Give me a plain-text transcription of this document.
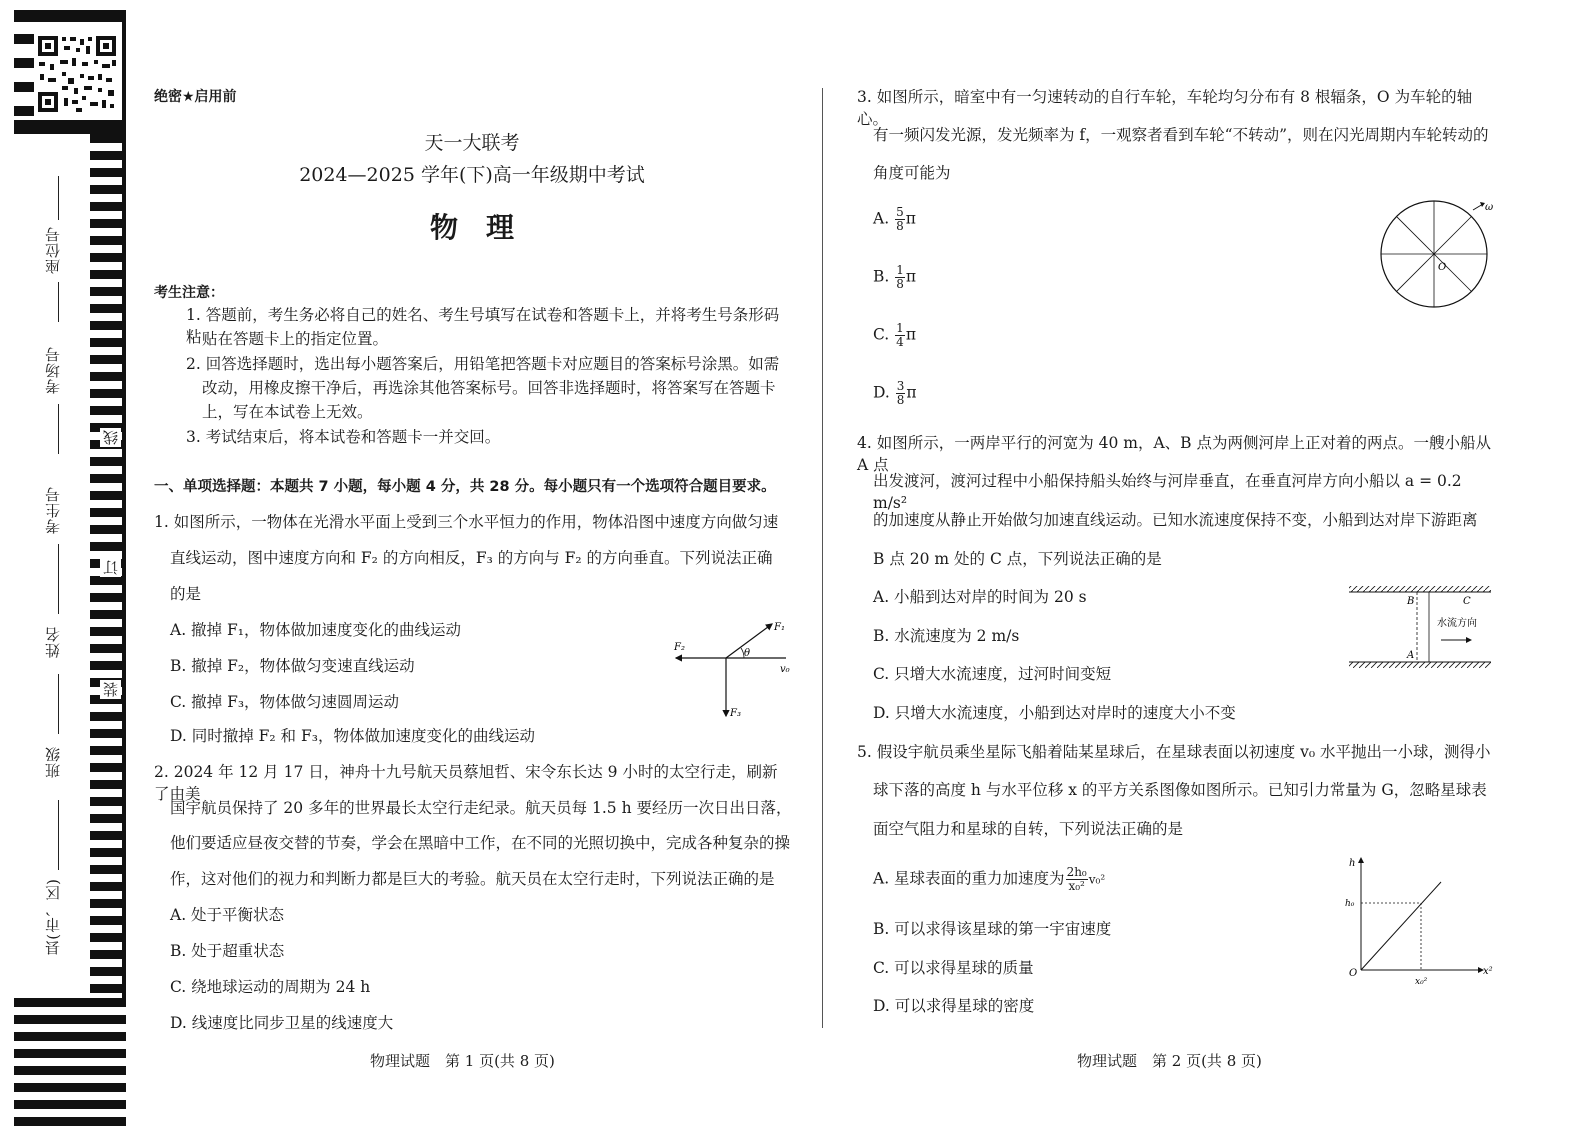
座位号
考场号
考生号
姓名
班级
县(市、区)
线
订
装
绝密★启用前
天一大联考
2024—2025 学年(下)高一年级期中考试
物　理
考生注意：
1. 答题前，考生务必将自己的姓名、考生号填写在试卷和答题卡上，并将考生号条形码粘 贴在答题卡上的指定位置。
2. 回答选择题时，选出每小题答案后，用铅笔把答题卡对应题目的答案标号涂黑。如需
改动，用橡皮擦干净后，再选涂其他答案标号。回答非选择题时，将答案写在答题卡
上，写在本试卷上无效。
3. 考试结束后，将本试卷和答题卡一并交回。
一、单项选择题：本题共 7 小题，每小题 4 分，共 28 分。每小题只有一个选项符合题目要求。
1. 如图所示，一物体在光滑水平面上受到三个水平恒力的作用，物体沿图中速度方向做匀速
直线运动，图中速度方向和 F₂ 的方向相反，F₃ 的方向与 F₂ 的方向垂直。下列说法正确
的是
A. 撤掉 F₁，物体做加速度变化的曲线运动
B. 撤掉 F₂，物体做匀变速直线运动
C. 撤掉 F₃，物体做匀速圆周运动
D. 同时撤掉 F₂ 和 F₃，物体做加速度变化的曲线运动
F₂
F₁
F₃
v₀
θ
2. 2024 年 12 月 17 日，神舟十九号航天员蔡旭哲、宋令东长达 9 小时的太空行走，刷新了由美
国宇航员保持了 20 多年的世界最长太空行走纪录。航天员每 1.5 h 要经历一次日出日落，
他们要适应昼夜交替的节奏，学会在黑暗中工作，在不同的光照切换中，完成各种复杂的操
作，这对他们的视力和判断力都是巨大的考验。航天员在太空行走时，下列说法正确的是
A. 处于平衡状态
B. 处于超重状态
C. 绕地球运动的周期为 24 h
D. 线速度比同步卫星的线速度大
物理试题　第 1 页(共 8 页)
3. 如图所示，暗室中有一匀速转动的自行车轮，车轮均匀分布有 8 根辐条，O 为车轮的轴心。
有一频闪发光源，发光频率为 f，一观察者看到车轮“不转动”，则在闪光周期内车轮转动的
角度可能为
A. $\frac{5}{8}$ π
B. $\frac{1}{8}$ π
C. $\frac{1}{4}$ π
D. $\frac{3}{8}$ π
O
ω
4. 如图所示，一两岸平行的河宽为 40 m，A、B 点为两侧河岸上正对着的两点。一艘小船从 A 点
出发渡河，渡河过程中小船保持船头始终与河岸垂直，在垂直河岸方向小船以 a = 0.2 m/s²
的加速度从静止开始做匀加速直线运动。已知水流速度保持不变，小船到达对岸下游距离
B 点 20 m 处的 C 点，下列说法正确的是
A. 小船到达对岸的时间为 20 s
B. 水流速度为 2 m/s
C. 只增大水流速度，过河时间变短
D. 只增大水流速度，小船到达对岸时的速度大小不变
B	C
A
水流方向
5. 假设宇航员乘坐星际飞船着陆某星球后，在星球表面以初速度 v₀ 水平抛出一小球，测得小
球下落的高度 h 与水平位移 x 的平方关系图像如图所示。已知引力常量为 G，忽略星球表
面空气阻力和星球的自转，下列说法正确的是
A. 星球表面的重力加速度为 $\frac{\text{2h₀}}{\text{x₀²}} v_0^2$
B. 可以求得该星球的第一宇宙速度
C. 可以求得星球的质量
D. 可以求得星球的密度
h
x²
O
h₀
x₀²
物理试题　第 2 页(共 8 页)
